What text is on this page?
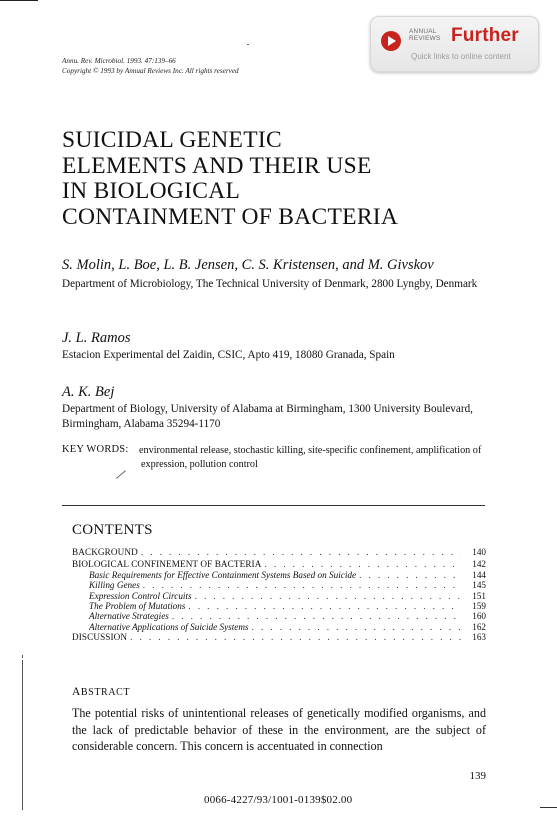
Annu. Rev. Microbiol. 1993. 47:139–66
Copyright © 1993 by Annual Reviews Inc. All rights reserved
ANNUAL
REVIEWS Further
Quick links to online content
SUICIDAL GENETIC
ELEMENTS AND THEIR USE
IN BIOLOGICAL
CONTAINMENT OF BACTERIA
S. Molin, L. Boe, L. B. Jensen, C. S. Kristensen, and M. Givskov
Department of Microbiology, The Technical University of Denmark, 2800 Lyngby, Denmark
J. L. Ramos
Estacion Experimental del Zaidin, CSIC, Apto 419, 18080 Granada, Spain
A. K. Bej
Department of Biology, University of Alabama at Birmingham, 1300 University Boulevard, Birmingham, Alabama 35294-1170
KEY WORDS: environmental release, stochastic killing, site-specific confinement, amplification of expression, pollution control
CONTENTS
BACKGROUND . . .	140
BIOLOGICAL CONFINEMENT OF BACTERIA . . .	142
Basic Requirements for Effective Containment Systems Based on Suicide . . .	144
Killing Genes . . .	145
Expression Control Circuits . . .	151
The Problem of Mutations . . .	159
Alternative Strategies . . .	160
Alternative Applications of Suicide Systems . . .	162
DISCUSSION . . .	163
ABSTRACT
The potential risks of unintentional releases of genetically modified organisms, and the lack of predictable behavior of these in the environment, are the subject of considerable concern. This concern is accentuated in connection
139
0066-4227/93/1001-0139$02.00
